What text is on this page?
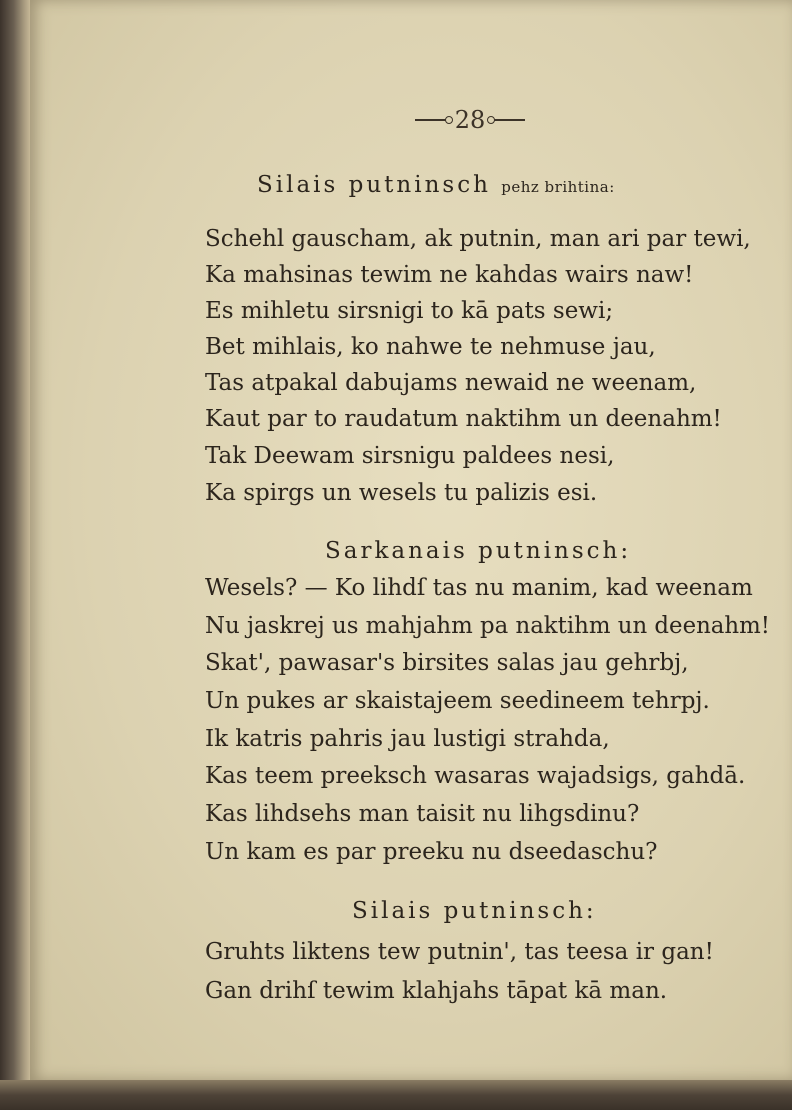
28
Silais putninsch pehz brihtina:
Schehl gauscham, ak putnin, man ari par tewi,
Ka mahsinas tewim ne kahdas wairs naw!
Es mihletu sirsnigi to kā pats sewi;
Bet mihlais, ko nahwe te nehmuse jau,
Tas atpakal dabujams newaid ne weenam,
Kaut par to raudatum naktihm un deenahm!
Tak Deewam sirsnigu paldees nesi,
Ka spirgs un wesels tu palizis esi.
Sarkanais putninsch:
Wesels? — Ko lihdſ tas nu manim, kad weenam
Nu jaskrej us mahjahm pa naktihm un deenahm!
Skat', pawasar's birsites salas jau gehrbj,
Un pukes ar skaistajeem seedineem tehrpj.
Ik katris pahris jau lustigi strahda,
Kas teem preeksch wasaras wajadsigs, gahdā.
Kas lihdsehs man taisit nu lihgsdinu?
Un kam es par preeku nu dseedaschu?
Silais putninsch:
Gruhts liktens tew putnin', tas teesa ir gan!
Gan drihſ tewim klahjahs tāpat kā man.
